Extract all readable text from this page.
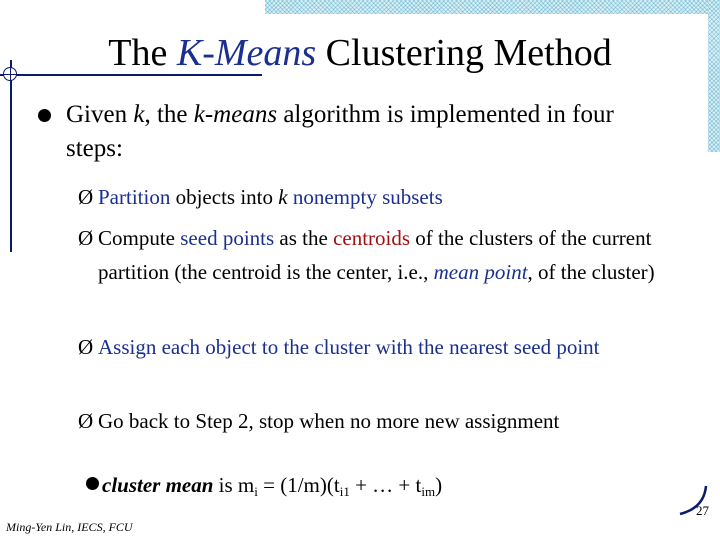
The K-Means Clustering Method
Given k, the k-means algorithm is implemented in four steps:
Ø Partition objects into k nonempty subsets
Ø Compute seed points as the centroids of the clusters of the current partition (the centroid is the center, i.e., mean point, of the cluster)
Ø Assign each object to the cluster with the nearest seed point
Ø Go back to Step 2, stop when no more new assignment
cluster mean is $m_i = (1/m)(t_{i1}$ + … + $t_{im}$)
27
Ming-Yen Lin, IECS, FCU
